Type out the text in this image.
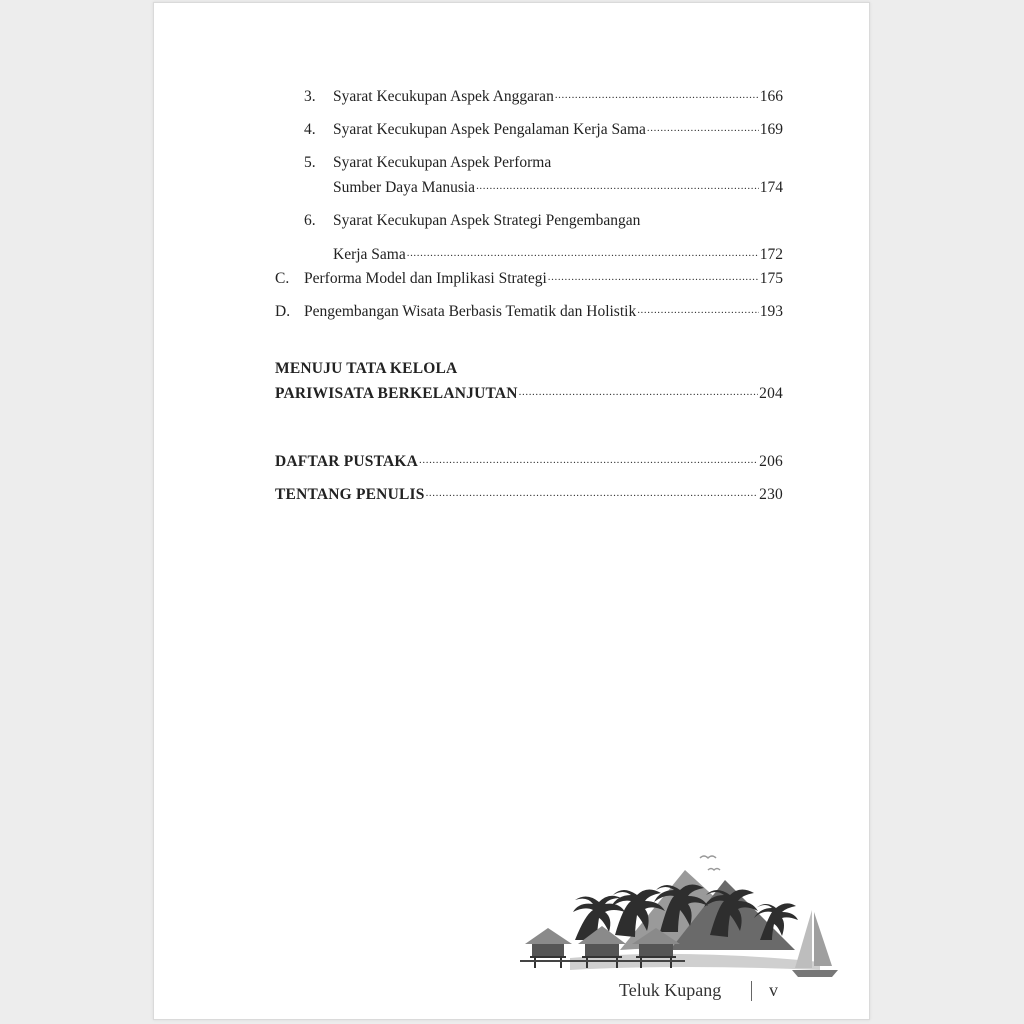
3.	Syarat Kecukupan Aspek Anggaran .....	166
4.	Syarat Kecukupan Aspek Pengalaman Kerja Sama .....	169
5. Syarat Kecukupan Aspek Performa
Sumber Daya Manusia .....	174
6. Syarat Kecukupan Aspek Strategi Pengembangan
Kerja Sama .....	172
C. Performa Model dan Implikasi Strategi .....	175
D. Pengembangan Wisata Berbasis Tematik dan Holistik .....	193
MENUJU TATA KELOLA
PARIWISATA BERKELANJUTAN .....	204
DAFTAR PUSTAKA .....	206
TENTANG PENULIS .....	230
Teluk Kupang	v
